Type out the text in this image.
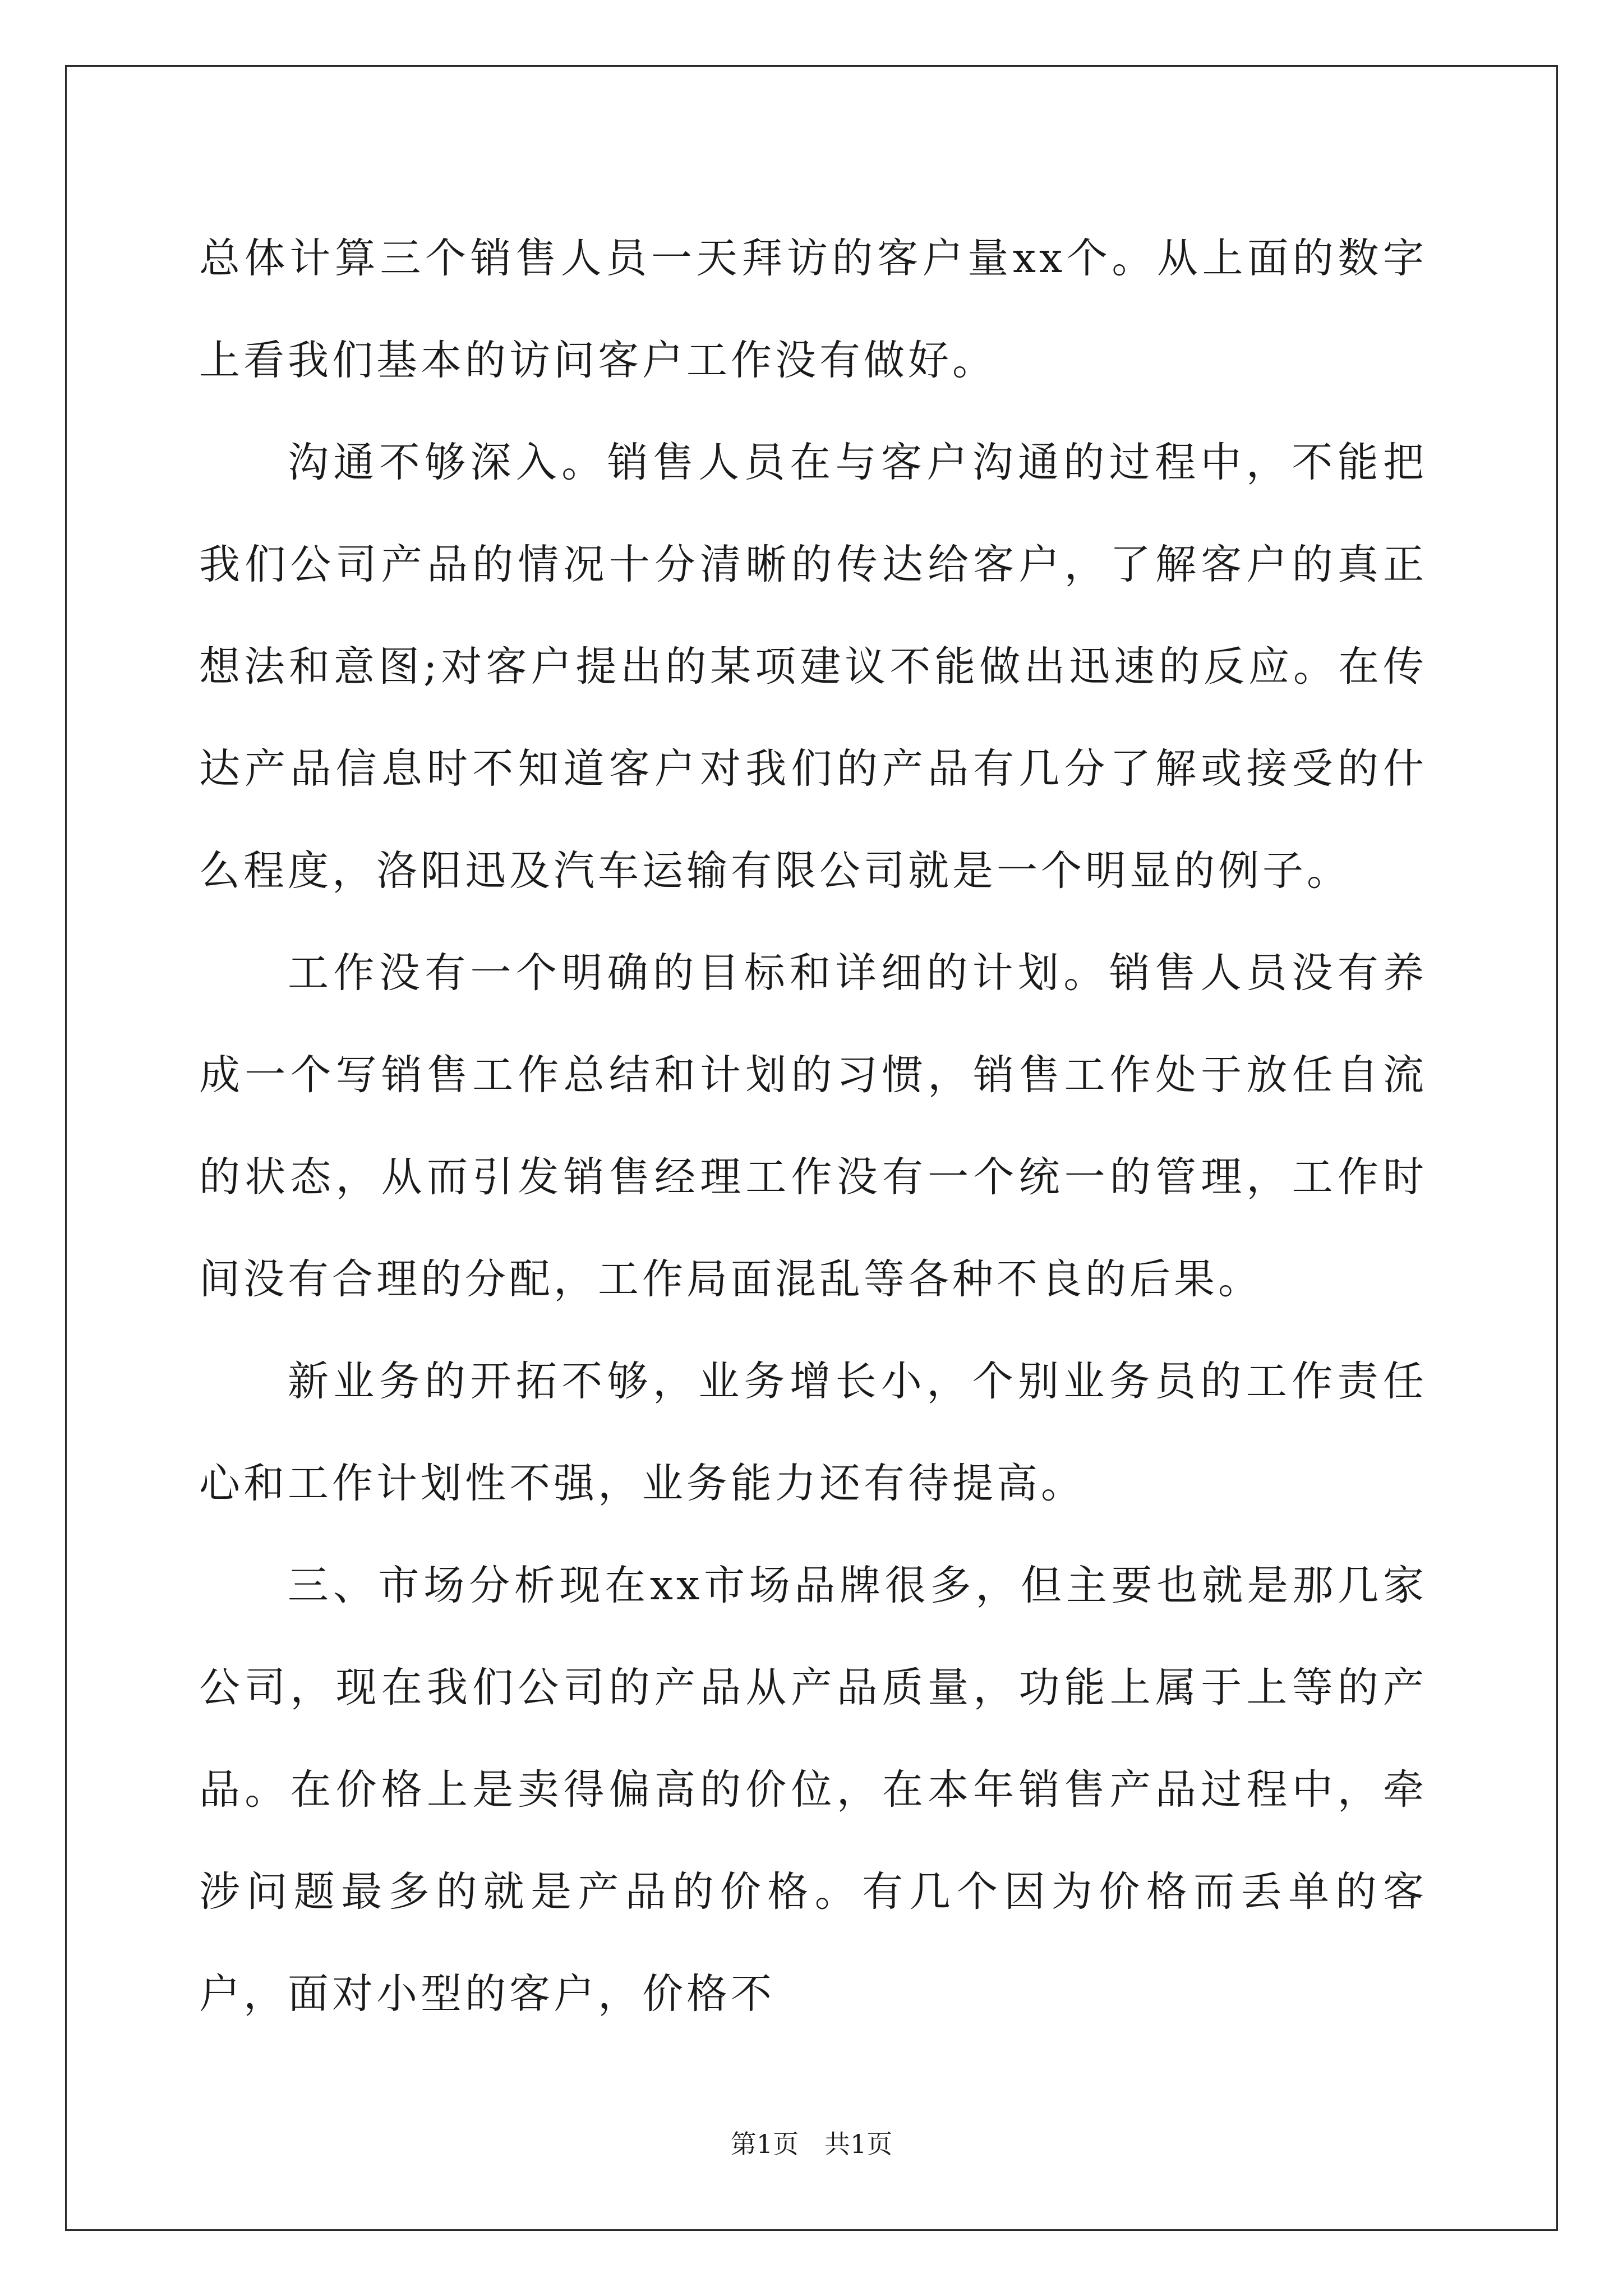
总体计算三个销售人员一天拜访的客户量xx个。从上面的数字上看我们基本的访问客户工作没有做好。

沟通不够深入。销售人员在与客户沟通的过程中，不能把我们公司产品的情况十分清晰的传达给客户，了解客户的真正想法和意图;对客户提出的某项建议不能做出迅速的反应。在传达产品信息时不知道客户对我们的产品有几分了解或接受的什么程度，洛阳迅及汽车运输有限公司就是一个明显的例子。

工作没有一个明确的目标和详细的计划。销售人员没有养成一个写销售工作总结和计划的习惯，销售工作处于放任自流的状态，从而引发销售经理工作没有一个统一的管理，工作时间没有合理的分配，工作局面混乱等各种不良的后果。

新业务的开拓不够，业务增长小，个别业务员的工作责任心和工作计划性不强，业务能力还有待提高。

三、市场分析现在xx市场品牌很多，但主要也就是那几家公司，现在我们公司的产品从产品质量，功能上属于上等的产品。在价格上是卖得偏高的价位，在本年销售产品过程中，牵涉问题最多的就是产品的价格。有几个因为价格而丢单的客户，面对小型的客户，价格不

第1页　共1页
